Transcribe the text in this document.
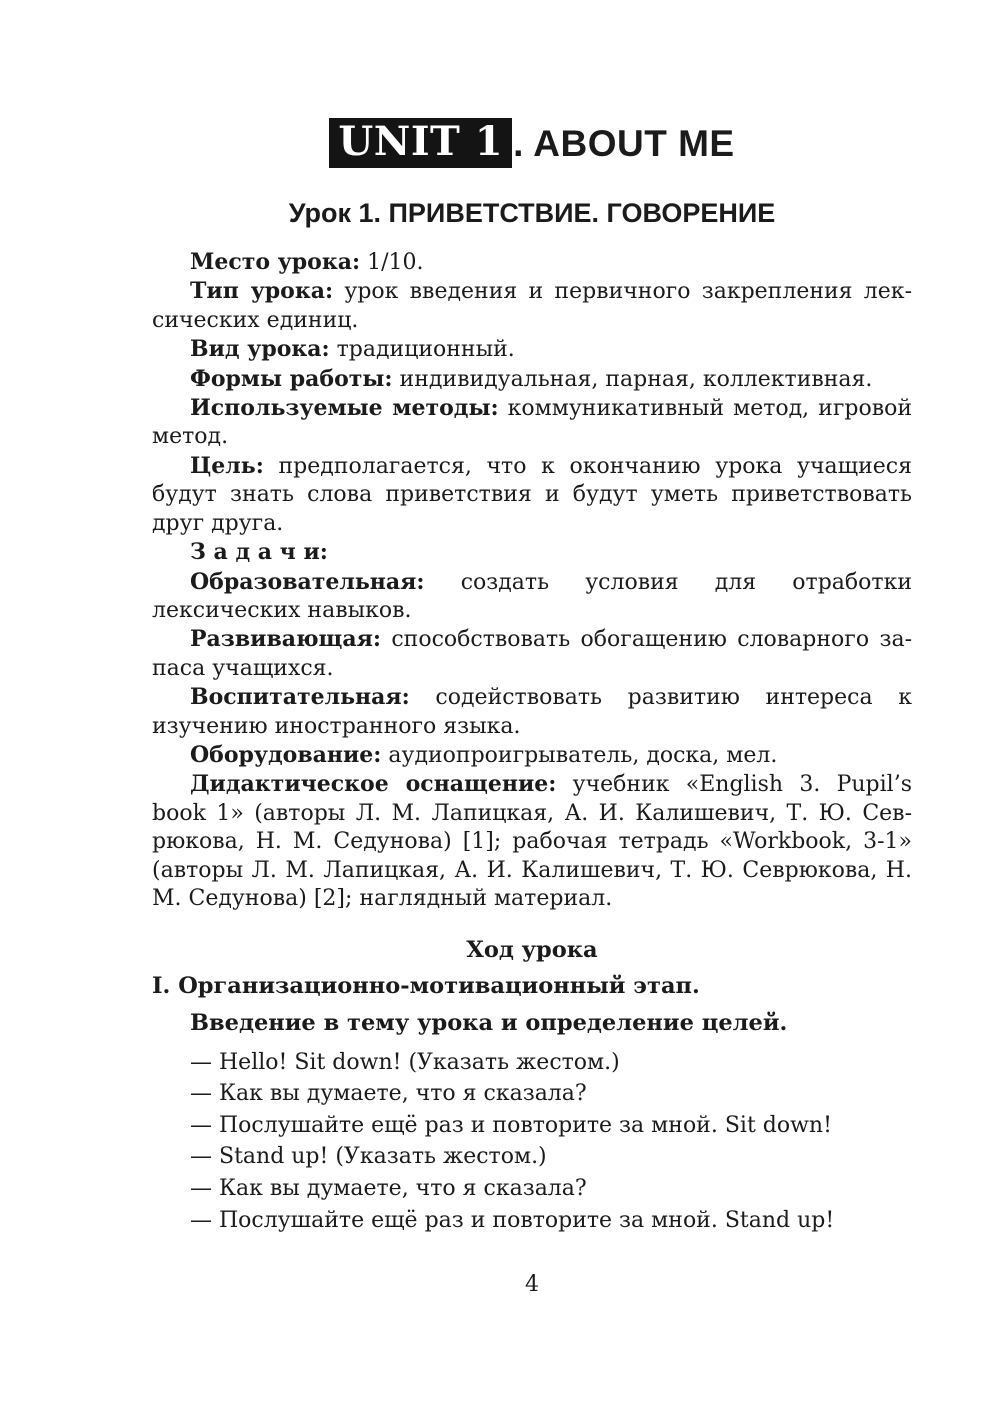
UNIT 1 . ABOUT ME
Урок 1. ПРИВЕТСТВИЕ. ГОВОРЕНИЕ

Место урока: 1/10.

Тип урока: урок введения и первичного закрепления лексических единиц.

Вид урока: традиционный.

Формы работы: индивидуальная, парная, коллективная.

Используемые методы: коммуникативный метод, игровой метод.

Цель: предполагается, что к окончанию урока учащиеся будут знать слова приветствия и будут уметь приветствовать друг друга.

З а д а ч и:

Образовательная: создать условия для отработки лексических навыков.

Развивающая: способствовать обогащению словарного запаса учащихся.

Воспитательная: содействовать развитию интереса к изучению иностранного языка.

Оборудование: аудиопроигрыватель, доска, мел.

Дидактическое оснащение: учебник «English 3. Pupil’s book 1» (авторы Л. М. Лапицкая, А. И. Калишевич, Т. Ю. Севрюкова, Н. М. Седунова) [1]; рабочая тетрадь «Workbook, 3-1» (авторы Л. М. Лапицкая, А. И. Калишевич, Т. Ю. Севрюкова, Н. М. Седунова) [2]; наглядный материал.

Ход урока

I. Организационно-мотивационный этап.

Введение в тему урока и определение целей.

— Hello! Sit down! (Указать жестом.)

— Как вы думаете, что я сказала?

— Послушайте ещё раз и повторите за мной. Sit down!

— Stand up! (Указать жестом.)

— Как вы думаете, что я сказала?

— Послушайте ещё раз и повторите за мной. Stand up!

4
